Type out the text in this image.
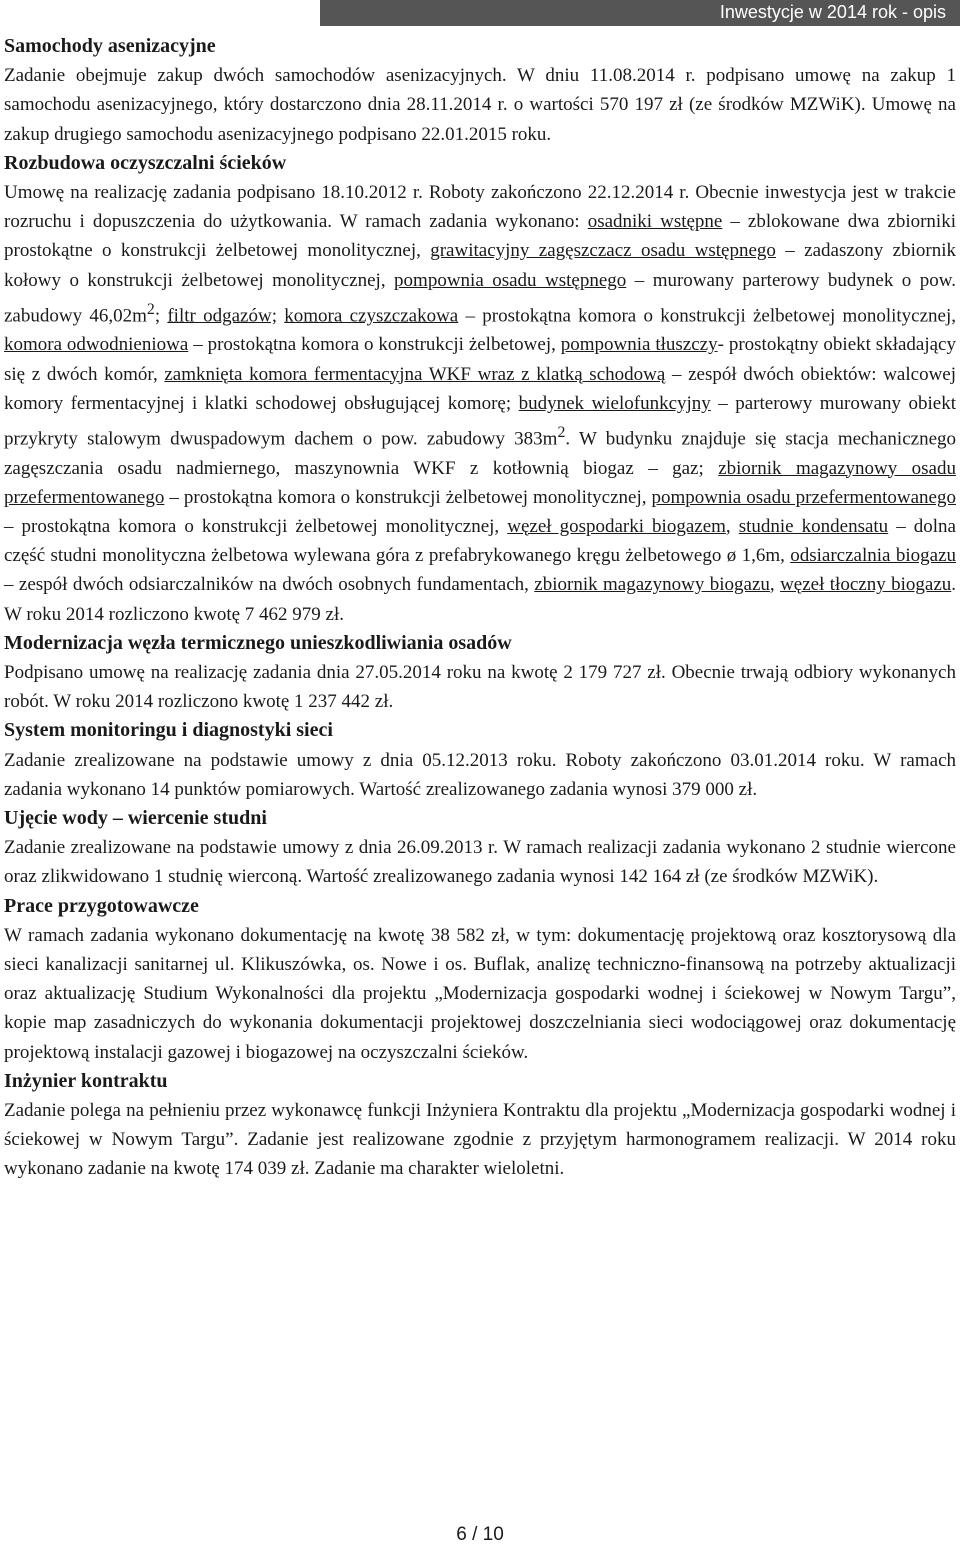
Inwestycje w 2014 rok - opis
Samochody asenizacyjne

Zadanie obejmuje zakup dwóch samochodów asenizacyjnych. W dniu 11.08.2014 r. podpisano umowę na zakup 1 samochodu asenizacyjnego, który dostarczono dnia 28.11.2014 r. o wartości 570 197 zł (ze środków MZWiK). Umowę na zakup drugiego samochodu asenizacyjnego podpisano 22.01.2015 roku.

Rozbudowa oczyszczalni ścieków

Umowę na realizację zadania podpisano 18.10.2012 r. Roboty zakończono 22.12.2014 r. Obecnie inwestycja jest w trakcie rozruchu i dopuszczenia do użytkowania. W ramach zadania wykonano: osadniki wstępne – zblokowane dwa zbiorniki prostokątne o konstrukcji żelbetowej monolitycznej, grawitacyjny zagęszczacz osadu wstępnego – zadaszony zbiornik kołowy o konstrukcji żelbetowej monolitycznej, pompownia osadu wstępnego – murowany parterowy budynek o pow. zabudowy $46,02m^2$; filtr odgazów; komora czyszczakowa – prostokątna komora o konstrukcji żelbetowej monolitycznej, komora odwodnieniowa – prostokątna komora o konstrukcji żelbetowej, pompownia tłuszczy- prostokątny obiekt składający się z dwóch komór, zamknięta komora fermentacyjna WKF wraz z klatką schodową – zespół dwóch obiektów: walcowej komory fermentacyjnej i klatki schodowej obsługującej komorę; budynek wielofunkcyjny – parterowy murowany obiekt przykryty stalowym dwuspadowym dachem o pow. zabudowy $383m^2$. W budynku znajduje się stacja mechanicznego zagęszczania osadu nadmiernego, maszynownia WKF z kotłownią biogaz – gaz; zbiornik magazynowy osadu przefermentowanego – prostokątna komora o konstrukcji żelbetowej monolitycznej, pompownia osadu przefermentowanego – prostokątna komora o konstrukcji żelbetowej monolitycznej, węzeł gospodarki biogazem, studnie kondensatu – dolna część studni monolityczna żelbetowa wylewana góra z prefabrykowanego kręgu żelbetowego ø 1,6m, odsiarczalnia biogazu – zespół dwóch odsiarczalników na dwóch osobnych fundamentach, zbiornik magazynowy biogazu, węzeł tłoczny biogazu. W roku 2014 rozliczono kwotę 7 462 979 zł.

Modernizacja węzła termicznego unieszkodliwiania osadów

Podpisano umowę na realizację zadania dnia 27.05.2014 roku na kwotę 2 179 727 zł. Obecnie trwają odbiory wykonanych robót. W roku 2014 rozliczono kwotę 1 237 442 zł.

System monitoringu i diagnostyki sieci

Zadanie zrealizowane na podstawie umowy z dnia 05.12.2013 roku. Roboty zakończono 03.01.2014 roku. W ramach zadania wykonano 14 punktów pomiarowych. Wartość zrealizowanego zadania wynosi 379 000 zł.

Ujęcie wody – wiercenie studni

Zadanie zrealizowane na podstawie umowy z dnia 26.09.2013 r. W ramach realizacji zadania wykonano 2 studnie wiercone oraz zlikwidowano 1 studnię wierconą. Wartość zrealizowanego zadania wynosi 142 164 zł (ze środków MZWiK).

Prace przygotowawcze

W ramach zadania wykonano dokumentację na kwotę 38 582 zł, w tym: dokumentację projektową oraz kosztorysową dla sieci kanalizacji sanitarnej ul. Klikuszówka, os. Nowe i os. Buflak, analizę techniczno-finansową na potrzeby aktualizacji oraz aktualizację Studium Wykonalności dla projektu „Modernizacja gospodarki wodnej i ściekowej w Nowym Targu”, kopie map zasadniczych do wykonania dokumentacji projektowej doszczelniania sieci wodociągowej oraz dokumentację projektową instalacji gazowej i biogazowej na oczyszczalni ścieków.

Inżynier kontraktu

Zadanie polega na pełnieniu przez wykonawcę funkcji Inżyniera Kontraktu dla projektu „Modernizacja gospodarki wodnej i ściekowej w Nowym Targu”. Zadanie jest realizowane zgodnie z przyjętym harmonogramem realizacji. W 2014 roku wykonano zadanie na kwotę 174 039 zł. Zadanie ma charakter wieloletni.

6 / 10
